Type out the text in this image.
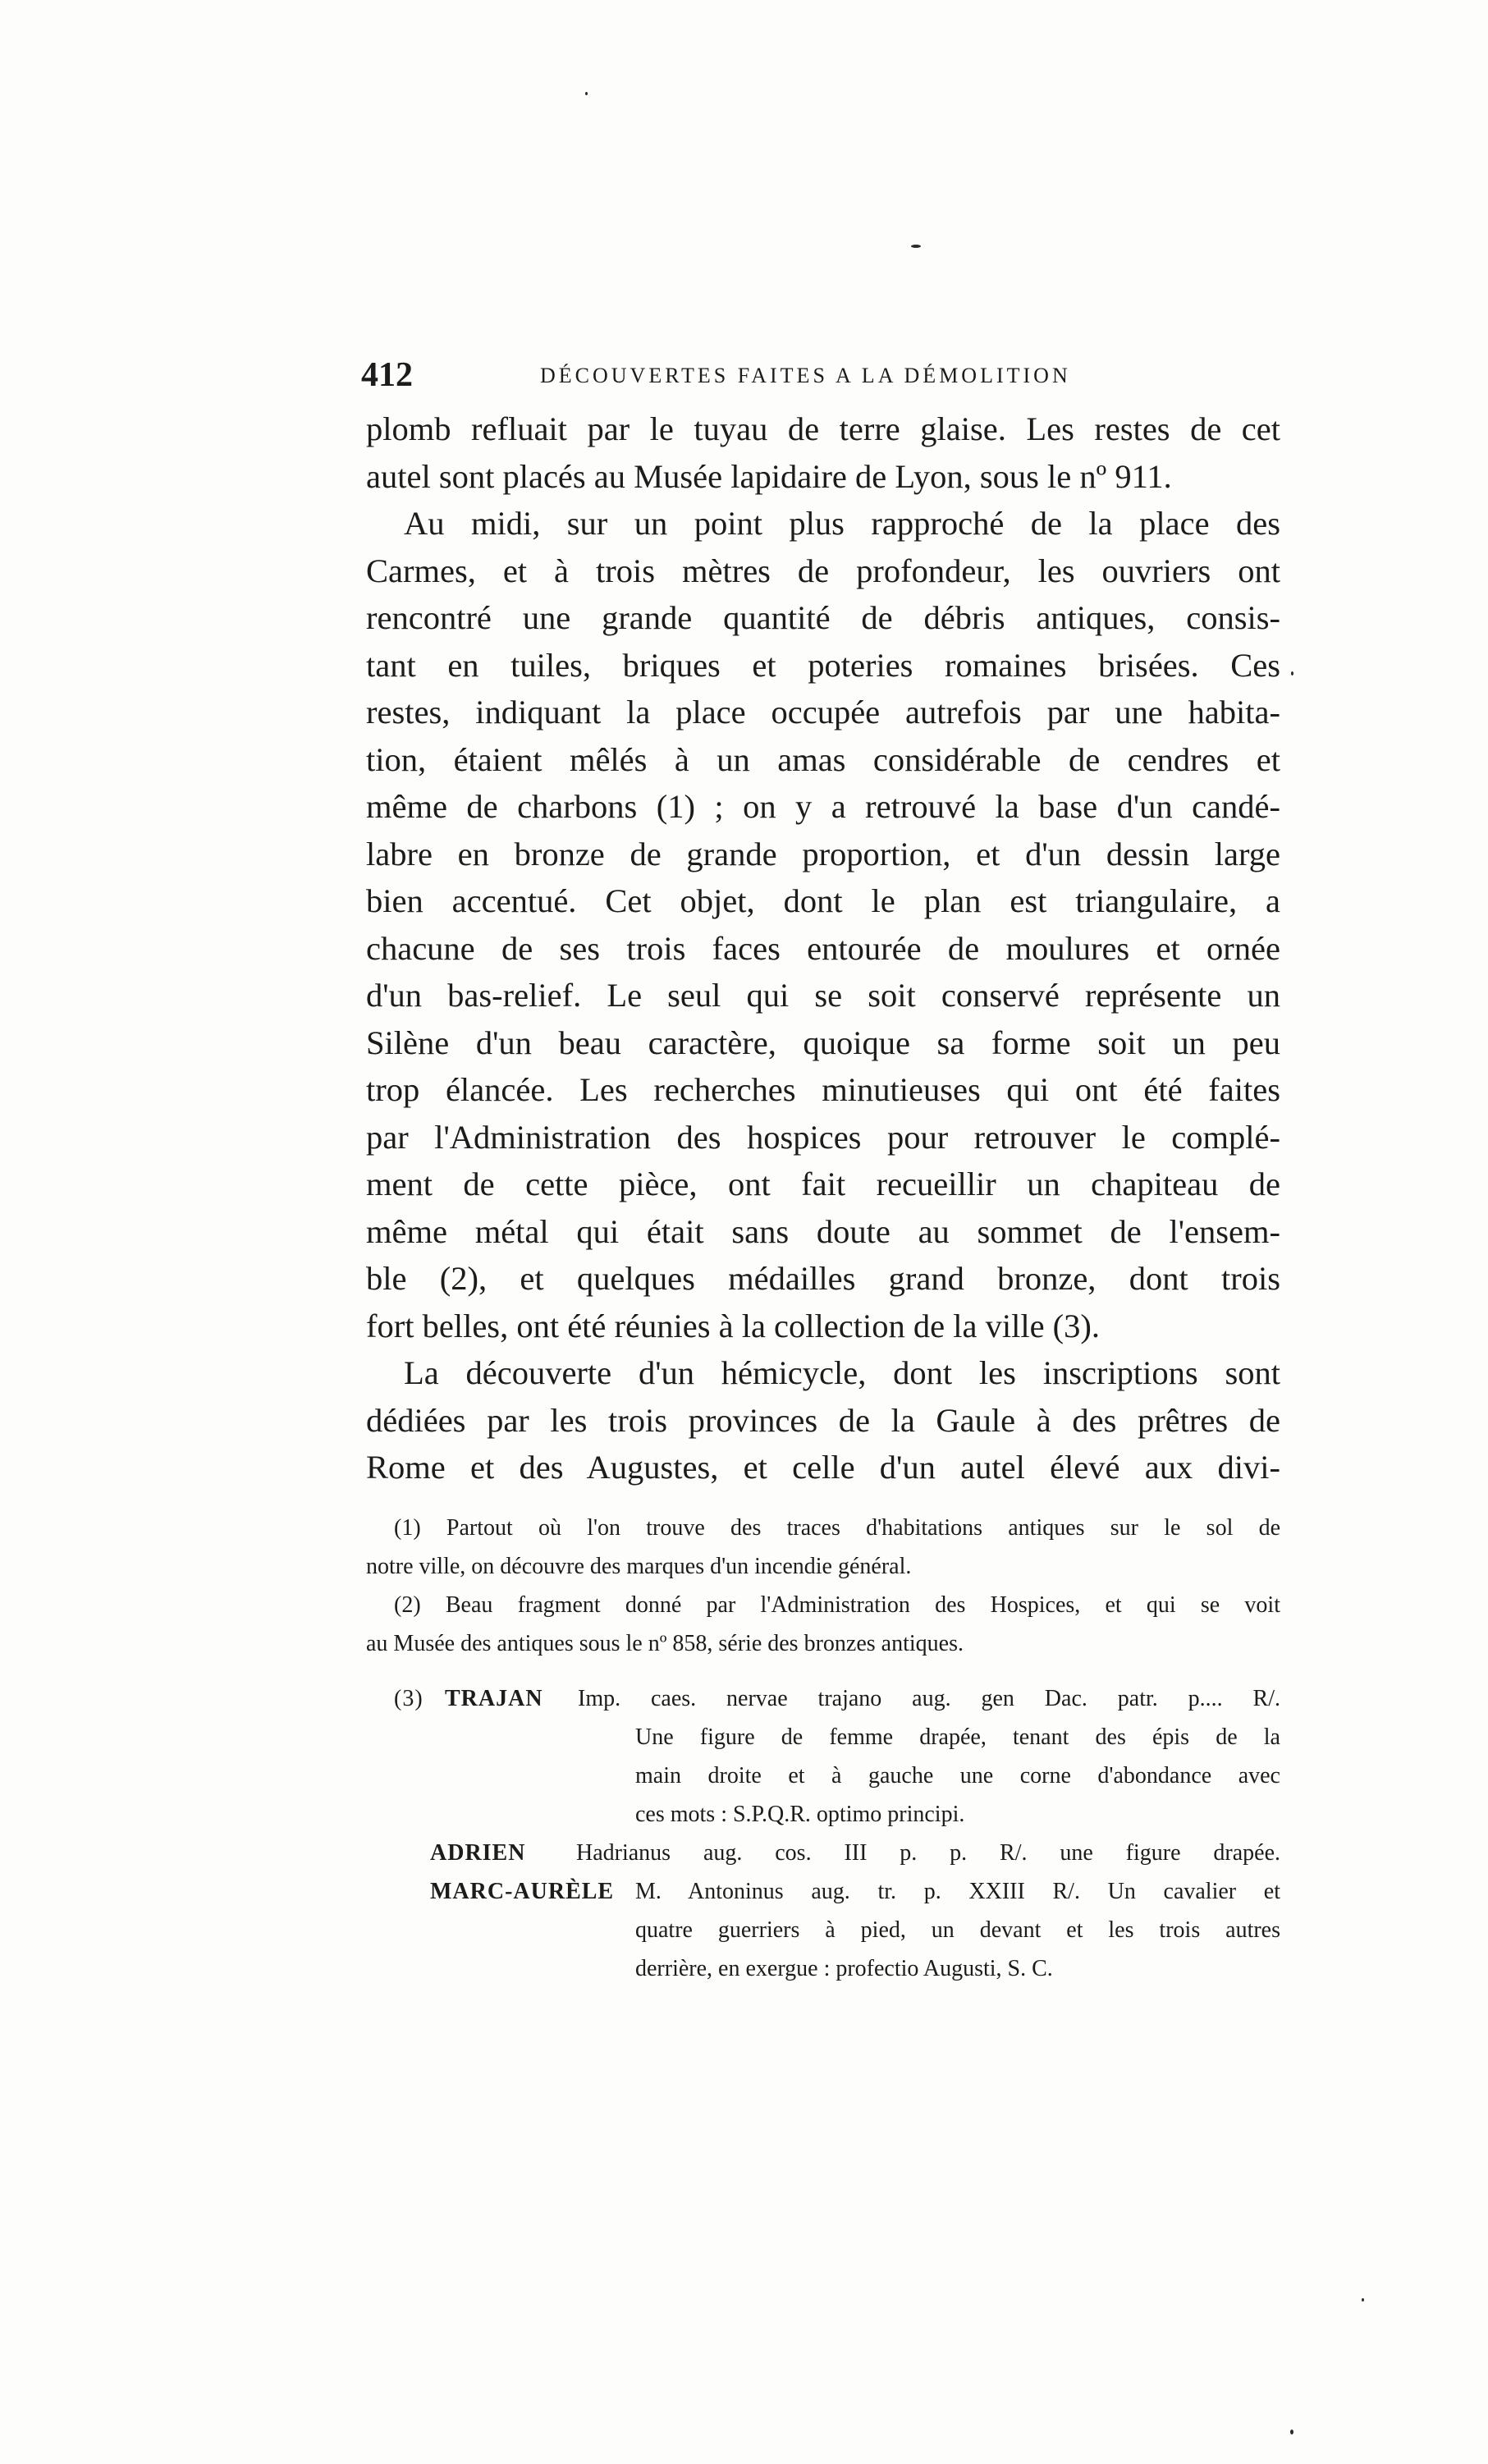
412	DÉCOUVERTES FAITES A LA DÉMOLITION
plomb refluait par le tuyau de terre glaise. Les restes de cet
autel sont placés au Musée lapidaire de Lyon, sous le nº 911.
Au midi, sur un point plus rapproché de la place des
Carmes, et à trois mètres de profondeur, les ouvriers ont
rencontré une grande quantité de débris antiques, consis-
tant en tuiles, briques et poteries romaines brisées. Ces
restes, indiquant la place occupée autrefois par une habita-
tion, étaient mêlés à un amas considérable de cendres et
même de charbons (1) ; on y a retrouvé la base d'un candé-
labre en bronze de grande proportion, et d'un dessin large
bien accentué. Cet objet, dont le plan est triangulaire, a
chacune de ses trois faces entourée de moulures et ornée
d'un bas-relief. Le seul qui se soit conservé représente un
Silène d'un beau caractère, quoique sa forme soit un peu
trop élancée. Les recherches minutieuses qui ont été faites
par l'Administration des hospices pour retrouver le complé-
ment de cette pièce, ont fait recueillir un chapiteau de
même métal qui était sans doute au sommet de l'ensem-
ble (2), et quelques médailles grand bronze, dont trois
fort belles, ont été réunies à la collection de la ville (3).
La découverte d'un hémicycle, dont les inscriptions sont
dédiées par les trois provinces de la Gaule à des prêtres de
Rome et des Augustes, et celle d'un autel élevé aux divi-
(1) Partout où l'on trouve des traces d'habitations antiques sur le sol de
notre ville, on découvre des marques d'un incendie général.
(2) Beau fragment donné par l'Administration des Hospices, et qui se voit
au Musée des antiques sous le nº 858, série des bronzes antiques.
(3) TRAJAN Imp. caes. nervae trajano aug. gen Dac. patr. p.... R/.
Une figure de femme drapée, tenant des épis de la
main droite et à gauche une corne d'abondance avec
ces mots : S.P.Q.R. optimo principi.
ADRIEN Hadrianus aug. cos. III p. p. R/. une figure drapée.
MARC-AURÈLE M. Antoninus aug. tr. p. XXIII R/. Un cavalier et
quatre guerriers à pied, un devant et les trois autres
derrière, en exergue : profectio Augusti, S. C.
